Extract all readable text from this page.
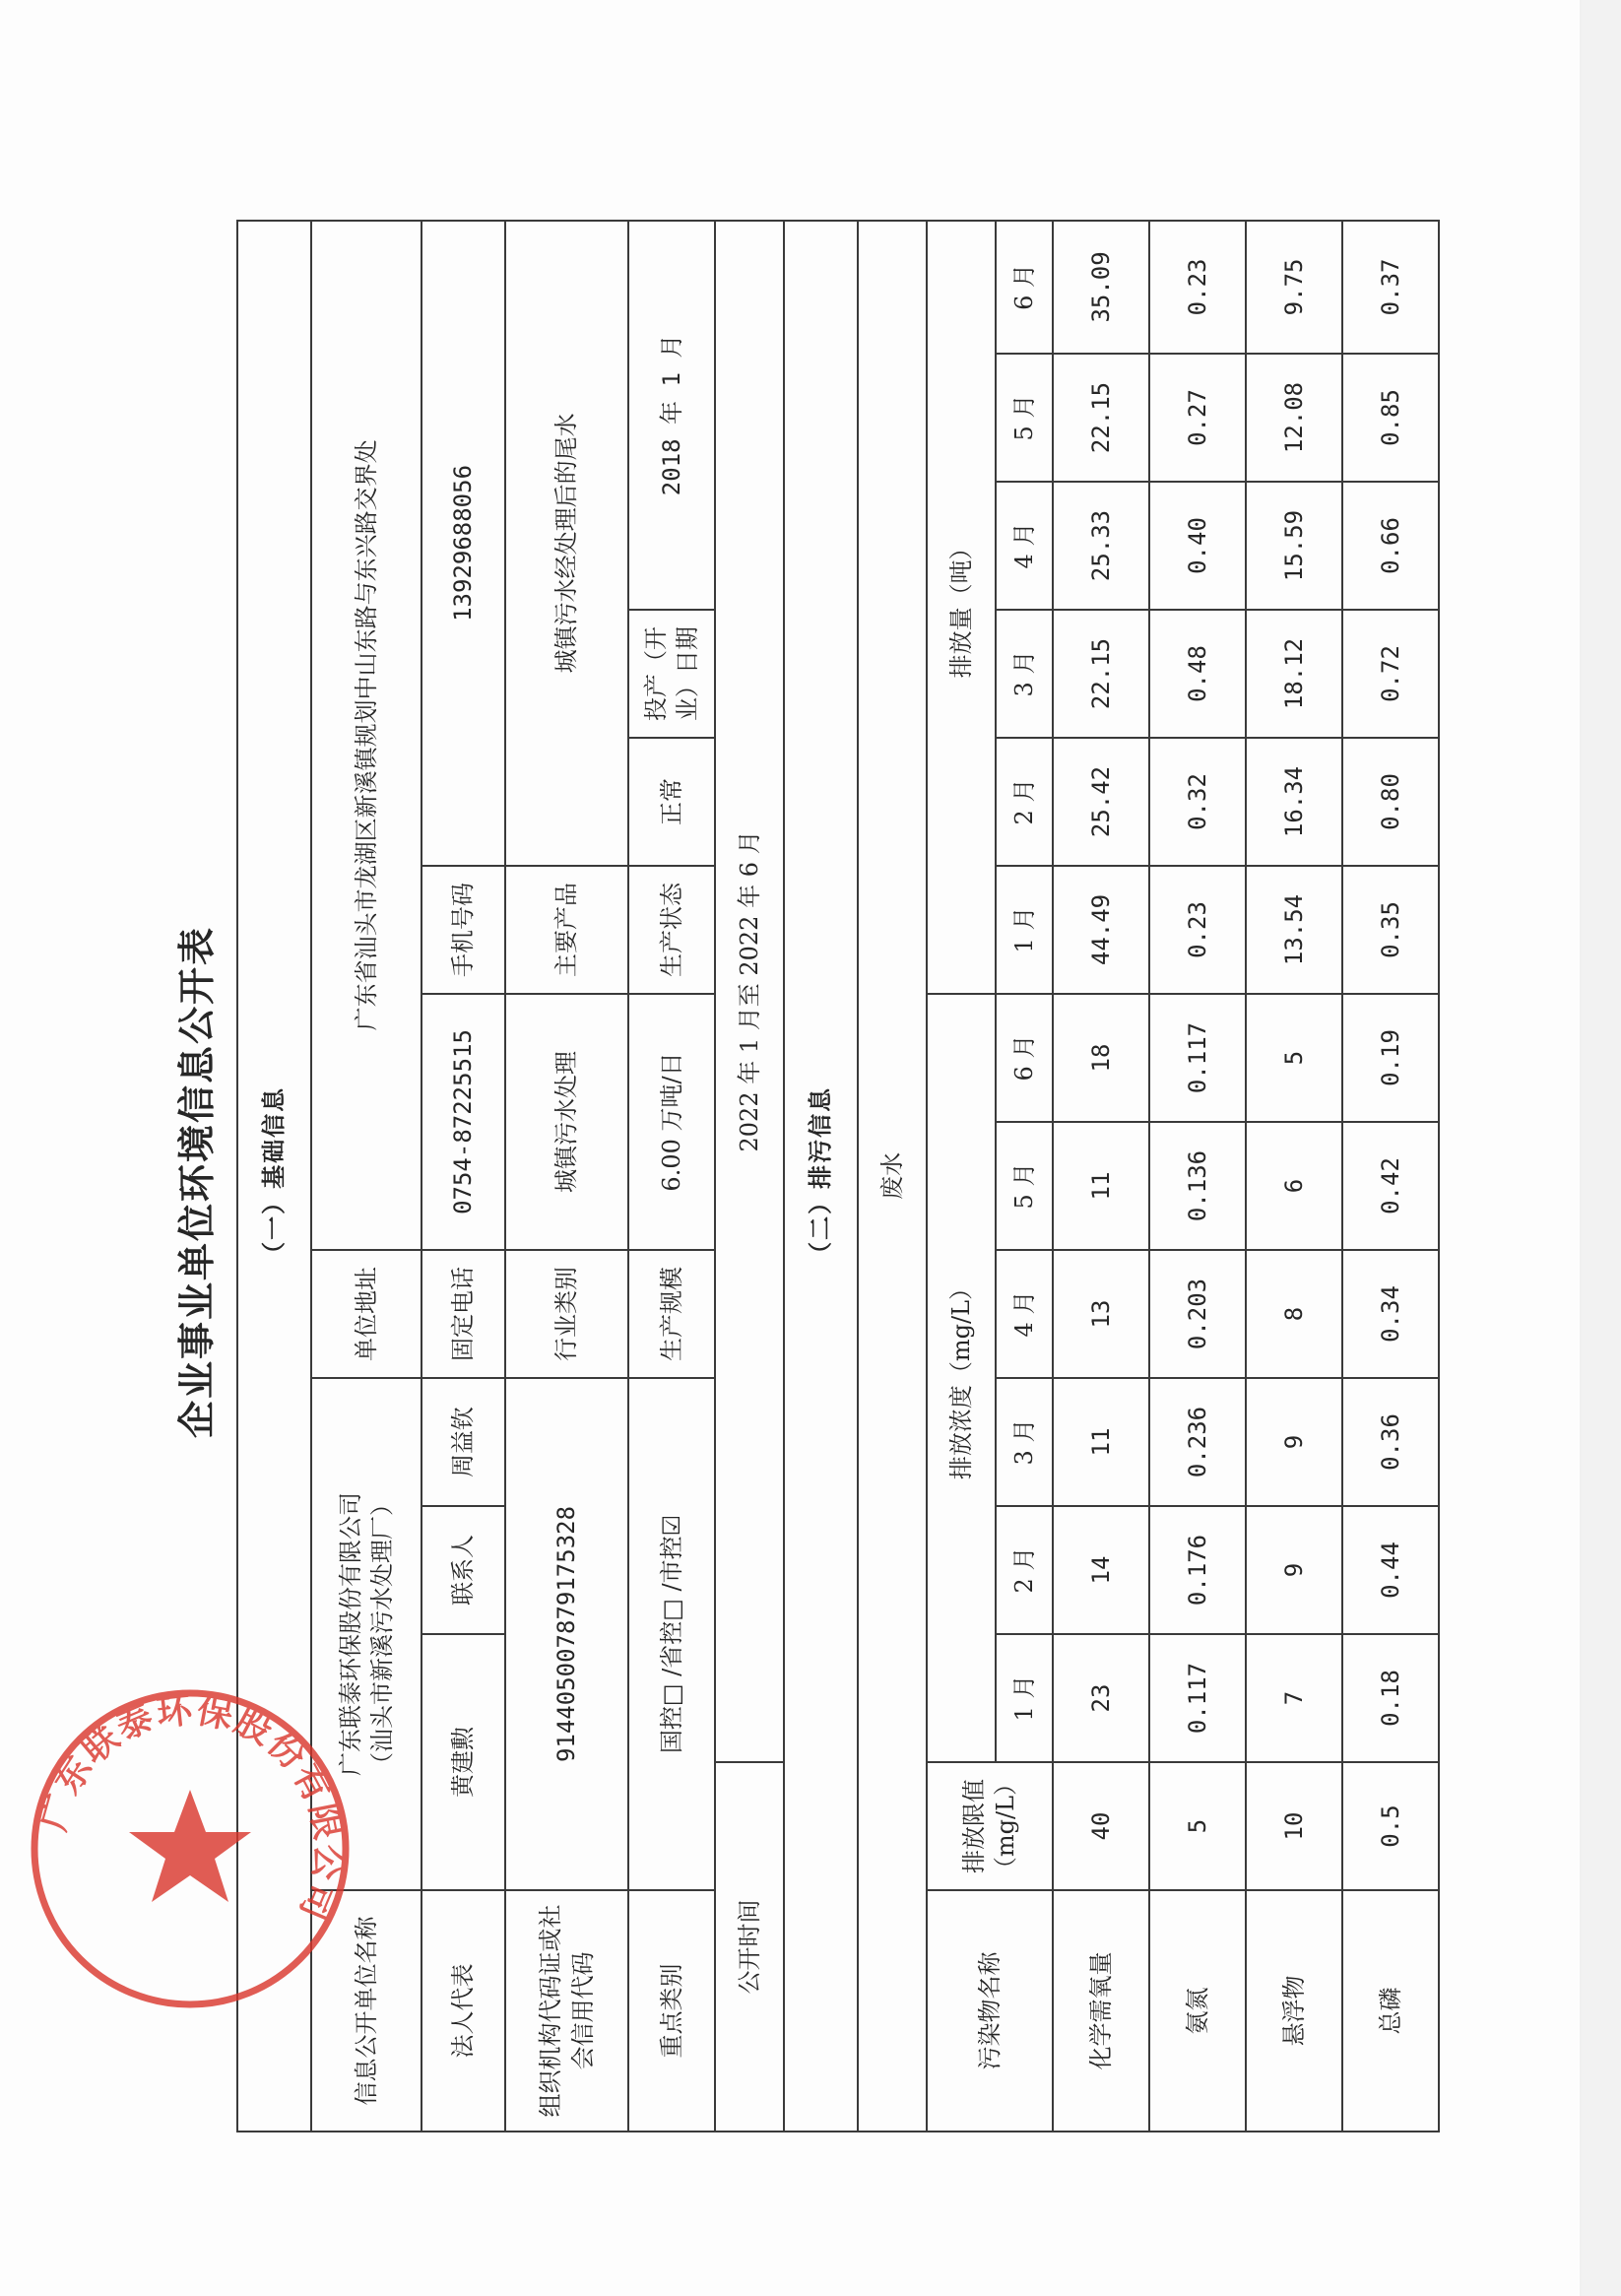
企业事业单位环境信息公开表	（一）基础信息													
信息公开单位名称	广东联泰环保股份有限公司 （汕头市新溪污水处理厂）				单位地址	广东省汕头市龙湖区新溪镇规划中山东路与东兴路交界处							
法人代表	黄建勲		联系人	周益钦	固定电话	0754-87225515		手机号码	13929688056				
组织机构代码证或社会信用代码	914405007879175328				行业类别	城镇污水处理		主要产品	城镇污水经处理后的尾水				
重点类别	国控□ /省控□ /市控☑				生产规模	6.00 万吨/日		生产状态	正常	投产（开业）日期	2018 年 1 月		
公开时间		2022 年 1 月至 2022 年 6 月											
（二）排污信息													
废水													
污染物名称	排放限值（mg/L）	排放浓度（mg/L）						排放量（吨）					
		1 月	2 月	3 月	4 月	5 月	6 月	1 月	2 月	3 月	4 月	5 月	6 月
化学需氧量	40	23	14	11	13	11	18	44.49	25.42	22.15	25.33	22.15	35.09
氨氮	5	0.117	0.176	0.236	0.203	0.136	0.117	0.23	0.32	0.48	0.40	0.27	0.23
悬浮物	10	7	9	9	8	6	5	13.54	16.34	18.12	15.59	12.08	9.75
总磷	0.5	0.18	0.44	0.36	0.34	0.42	0.19	0.35	0.80	0.72	0.66	0.85	0.37
广东联泰环保股份有限公司
